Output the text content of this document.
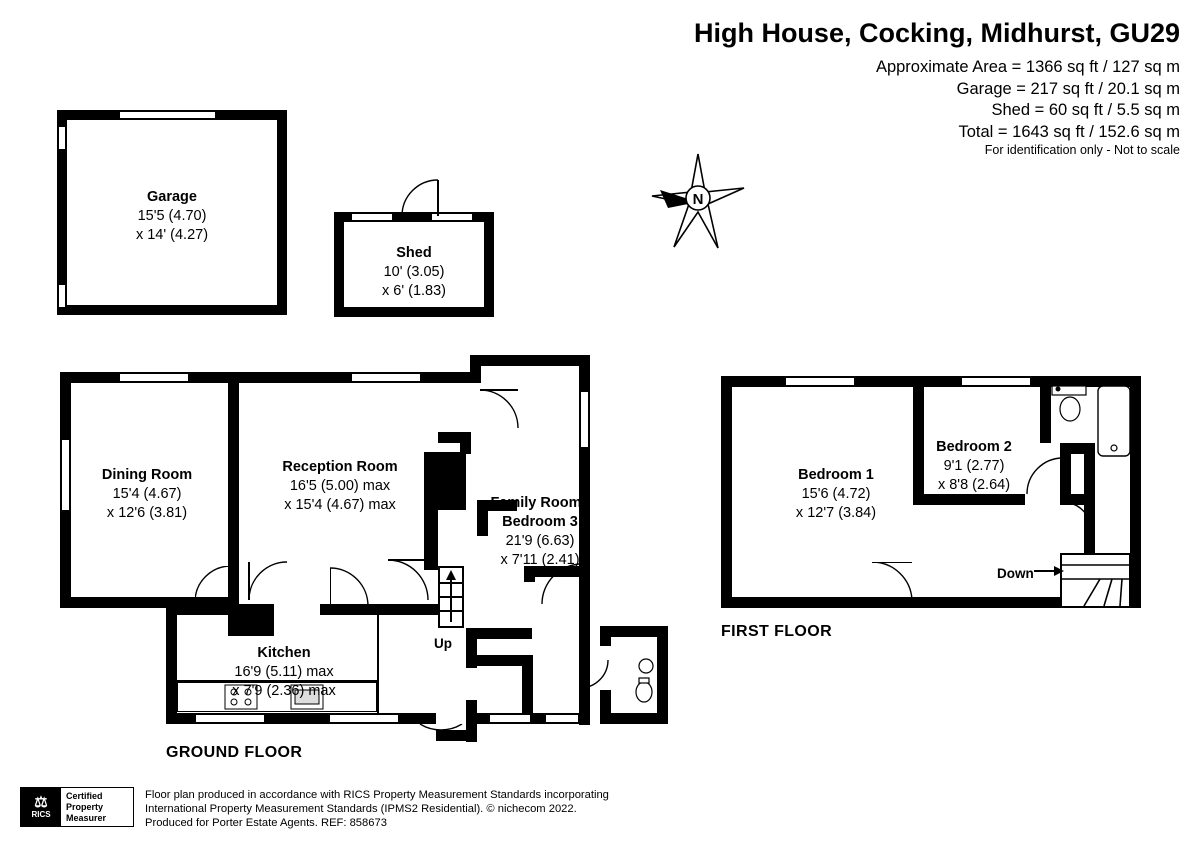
High House, Cocking, Midhurst, GU29
Approximate Area = 1366 sq ft / 127 sq m
Garage = 217 sq ft / 20.1 sq m
Shed = 60 sq ft / 5.5 sq m
Total = 1643 sq ft / 152.6 sq m
For identification only - Not to scale
N
Garage
15'5 (4.70)
x 14' (4.27)
Shed
10' (3.05)
x 6' (1.83)
Up
Dining Room
15'4 (4.67)
x 12'6 (3.81)
Reception Room
16'5 (5.00) max
x 15'4 (4.67) max	Family Room /
Bedroom 3
21'9 (6.63)
x 7'11 (2.41)
Kitchen
16'9 (5.11) max
x 7'9 (2.36) max
GROUND FLOOR
Down
Bedroom 1
15'6 (4.72)
x 12'7 (3.84)
Bedroom 2
9'1 (2.77)
x 8'8 (2.64)
FIRST FLOOR
⚖
RICS
Certified
Property
Measurer
Floor plan produced in accordance with RICS Property Measurement Standards incorporating
International Property Measurement Standards (IPMS2 Residential). © nichecom 2022.
Produced for Porter Estate Agents. REF: 858673
